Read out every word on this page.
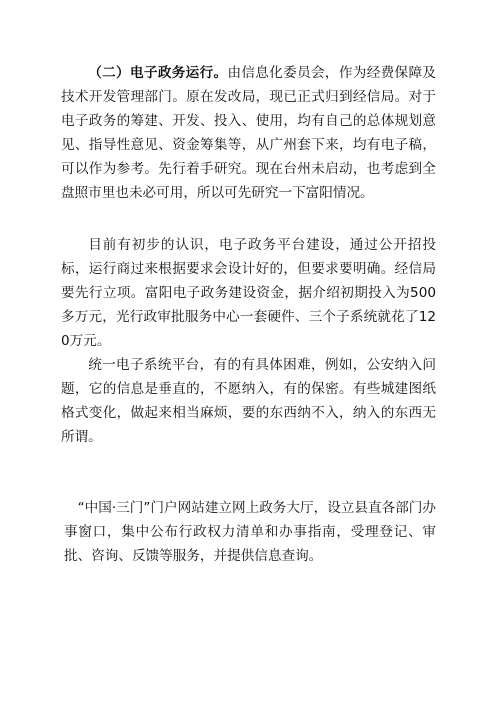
（二）电子政务运行。由信息化委员会，作为经费保障及技术开发管理部门。原在发改局，现已正式归到经信局。对于电子政务的筹建、开发、投入、使用，均有自己的总体规划意见、指导性意见、资金筹集等，从广州套下来，均有电子稿，可以作为参考。先行着手研究。现在台州未启动，也考虑到全盘照市里也未必可用，所以可先研究一下富阳情况。

目前有初步的认识，电子政务平台建设，通过公开招投标，运行商过来根据要求会设计好的，但要求要明确。经信局要先行立项。富阳电子政务建设资金，据介绍初期投入为500多万元，光行政审批服务中心一套硬件、三个子系统就花了120万元。

统一电子系统平台，有的有具体困难，例如，公安纳入问题，它的信息是垂直的，不愿纳入，有的保密。有些城建图纸格式变化，做起来相当麻烦，要的东西纳不入，纳入的东西无所谓。

“中国·三门”门户网站建立网上政务大厅，设立县直各部门办事窗口，集中公布行政权力清单和办事指南，受理登记、审批、咨询、反馈等服务，并提供信息查询。
